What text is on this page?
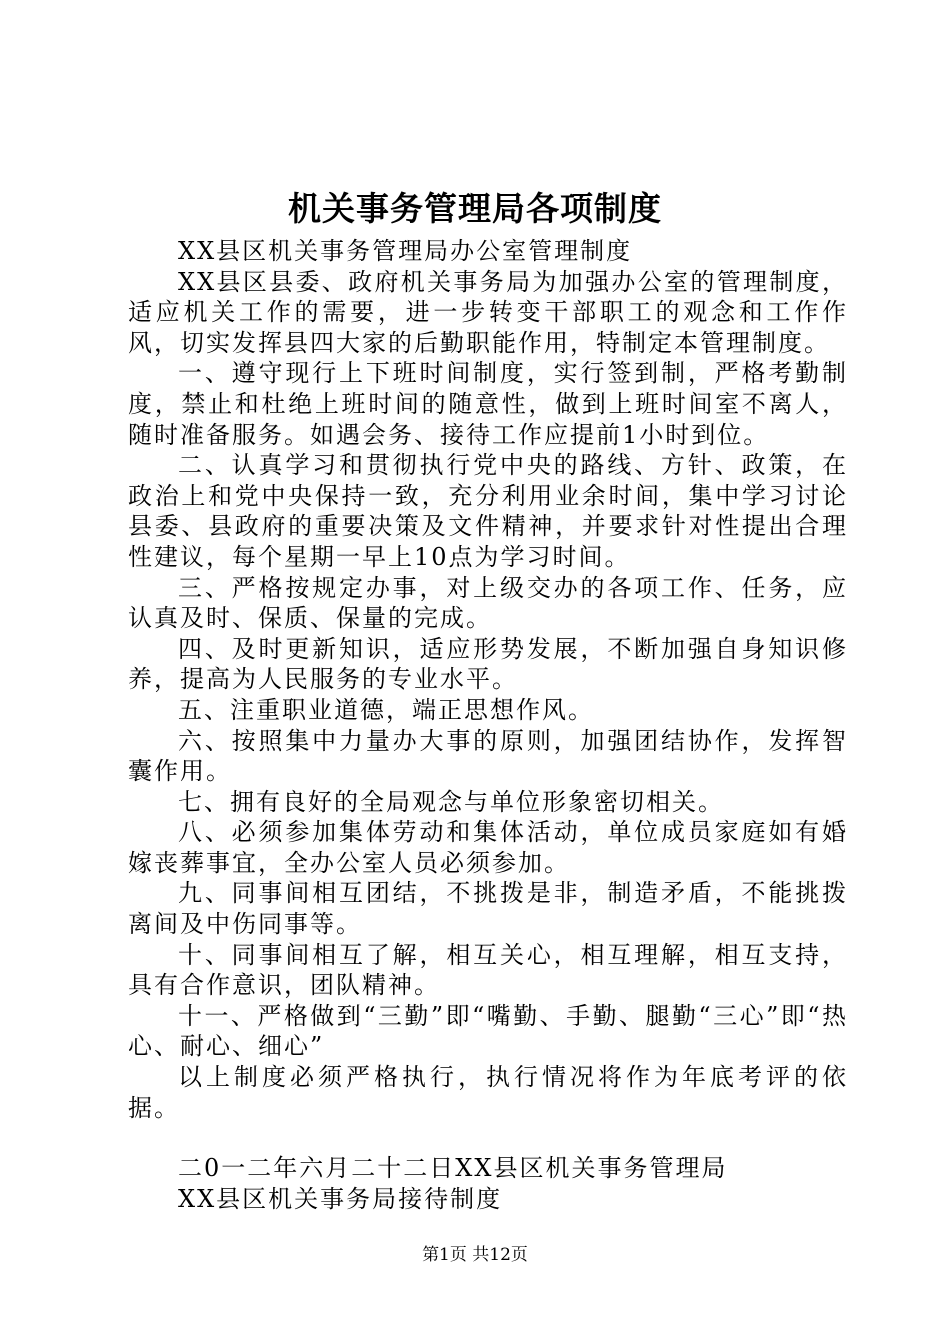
机关事务管理局各项制度

XX县区机关事务管理局办公室管理制度

XX县区县委、政府机关事务局为加强办公室的管理制度，适应机关工作的需要，进一步转变干部职工的观念和工作作风，切实发挥县四大家的后勤职能作用，特制定本管理制度。

一、遵守现行上下班时间制度，实行签到制，严格考勤制度，禁止和杜绝上班时间的随意性，做到上班时间室不离人，随时准备服务。如遇会务、接待工作应提前1小时到位。

二、认真学习和贯彻执行党中央的路线、方针、政策，在政治上和党中央保持一致，充分利用业余时间，集中学习讨论县委、县政府的重要决策及文件精神，并要求针对性提出合理性建议，每个星期一早上10点为学习时间。

三、严格按规定办事，对上级交办的各项工作、任务，应认真及时、保质、保量的完成。

四、及时更新知识，适应形势发展，不断加强自身知识修养，提高为人民服务的专业水平。

五、注重职业道德，端正思想作风。

六、按照集中力量办大事的原则，加强团结协作，发挥智囊作用。

七、拥有良好的全局观念与单位形象密切相关。

八、必须参加集体劳动和集体活动，单位成员家庭如有婚嫁丧葬事宜，全办公室人员必须参加。

九、同事间相互团结，不挑拨是非，制造矛盾，不能挑拨离间及中伤同事等。

十、同事间相互了解，相互关心，相互理解，相互支持，具有合作意识，团队精神。

十一、严格做到“三勤”即“嘴勤、手勤、腿勤“三心”即“热心、耐心、细心”

以上制度必须严格执行，执行情况将作为年底考评的依据。

二0一二年六月二十二日XX县区机关事务管理局

XX县区机关事务局接待制度

第1页 共12页
